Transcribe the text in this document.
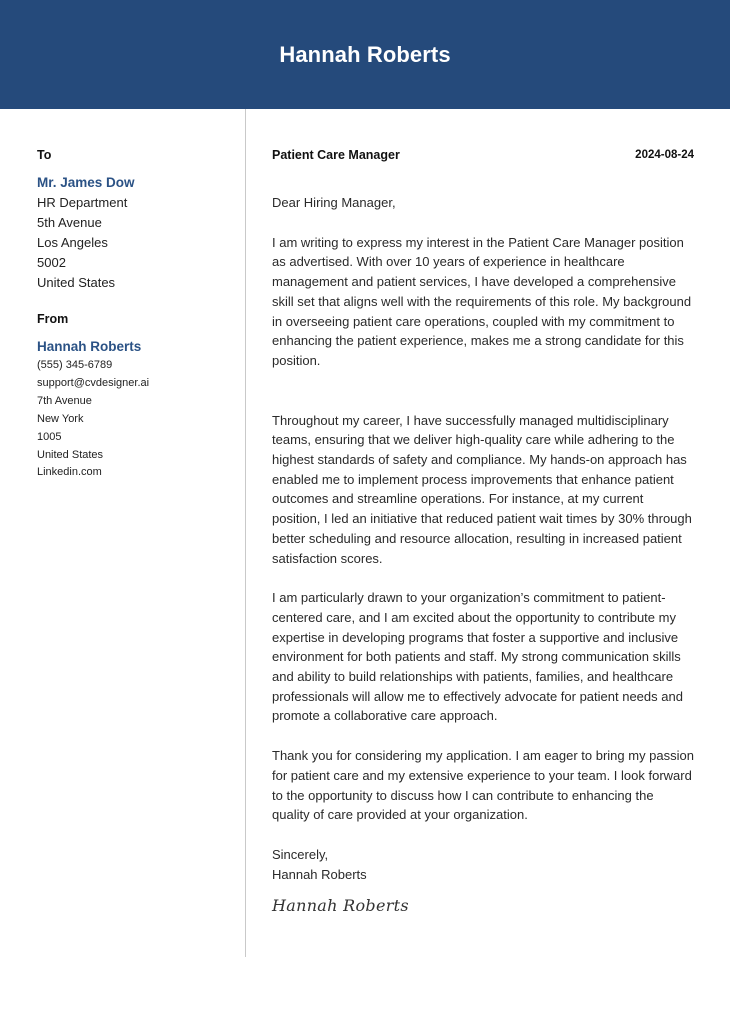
Hannah Roberts
To
Mr. James Dow
HR Department
5th Avenue
Los Angeles
5002
United States
From
Hannah Roberts
(555) 345-6789
support@cvdesigner.ai
7th Avenue
New York
1005
United States
Linkedin.com
Patient Care Manager	2024-08-24

Dear Hiring Manager,

I am writing to express my interest in the Patient Care Manager position as advertised. With over 10 years of experience in healthcare management and patient services, I have developed a comprehensive skill set that aligns well with the requirements of this role. My background in overseeing patient care operations, coupled with my commitment to enhancing the patient experience, makes me a strong candidate for this position.

Throughout my career, I have successfully managed multidisciplinary teams, ensuring that we deliver high-quality care while adhering to the highest standards of safety and compliance. My hands-on approach has enabled me to implement process improvements that enhance patient outcomes and streamline operations. For instance, at my current position, I led an initiative that reduced patient wait times by 30% through better scheduling and resource allocation, resulting in increased patient satisfaction scores.

I am particularly drawn to your organization’s commitment to patient-centered care, and I am excited about the opportunity to contribute my expertise in developing programs that foster a supportive and inclusive environment for both patients and staff. My strong communication skills and ability to build relationships with patients, families, and healthcare professionals will allow me to effectively advocate for patient needs and promote a collaborative care approach.

Thank you for considering my application. I am eager to bring my passion for patient care and my extensive experience to your team. I look forward to the opportunity to discuss how I can contribute to enhancing the quality of care provided at your organization.

Sincerely,

Hannah Roberts

Hannah Roberts
